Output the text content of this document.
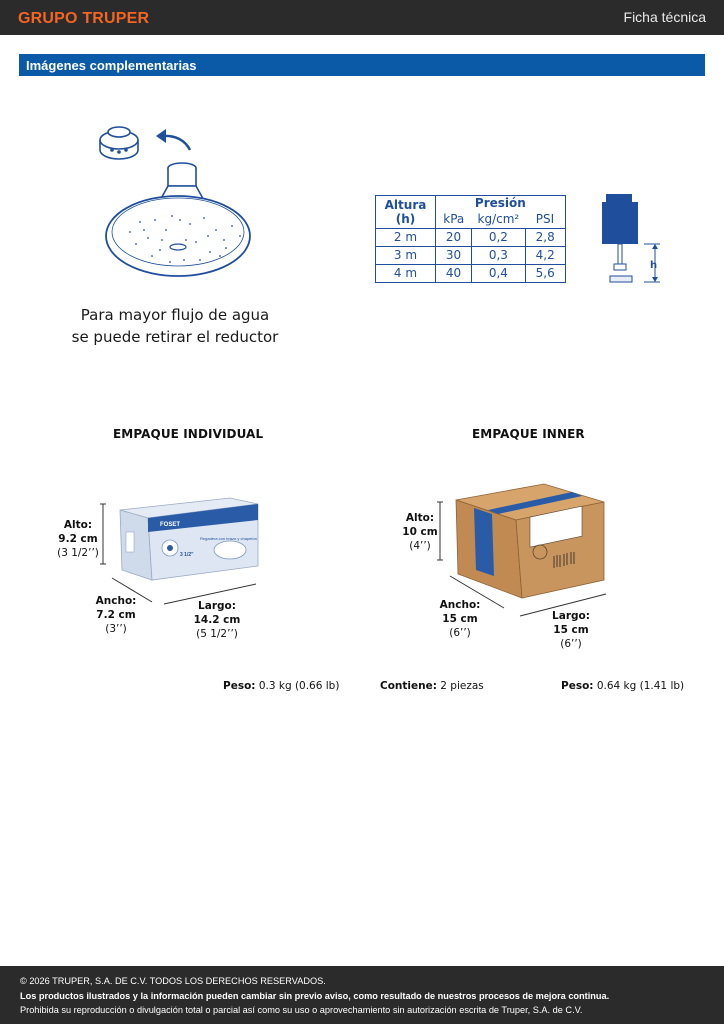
GRUPO TRUPER	Ficha técnica
Imágenes complementarias
Para mayor flujo de agua
se puede retirar el reductor
Altura (h)	Presión		
	kPa	kg/cm²	PSI
2 m	20	0,2	2,8
3 m	30	0,3	4,2
4 m	40	0,4	5,6
h
EMPAQUE INDIVIDUAL	EMPAQUE INNER
FOSET
Regadera con brazo y chapetón
3 1/2"
Alto:
9.2 cm
(3 1/2’’)
Ancho:
7.2 cm
(3’’)
Largo:
14.2 cm
(5 1/2’’)
Peso: 0.3 kg (0.66 lb)
Alto:
10 cm
(4’’)
Ancho:
15 cm
(6’’)
Largo:
15 cm
(6’’)
Contiene: 2 piezas	Peso: 0.64 kg (1.41 lb)
© 2026 TRUPER, S.A. DE C.V. TODOS LOS DERECHOS RESERVADOS.
Los productos ilustrados y la información pueden cambiar sin previo aviso, como resultado de nuestros procesos de mejora continua.
Prohibida su reproducción o divulgación total o parcial así como su uso o aprovechamiento sin autorización escrita de Truper, S.A. de C.V.
